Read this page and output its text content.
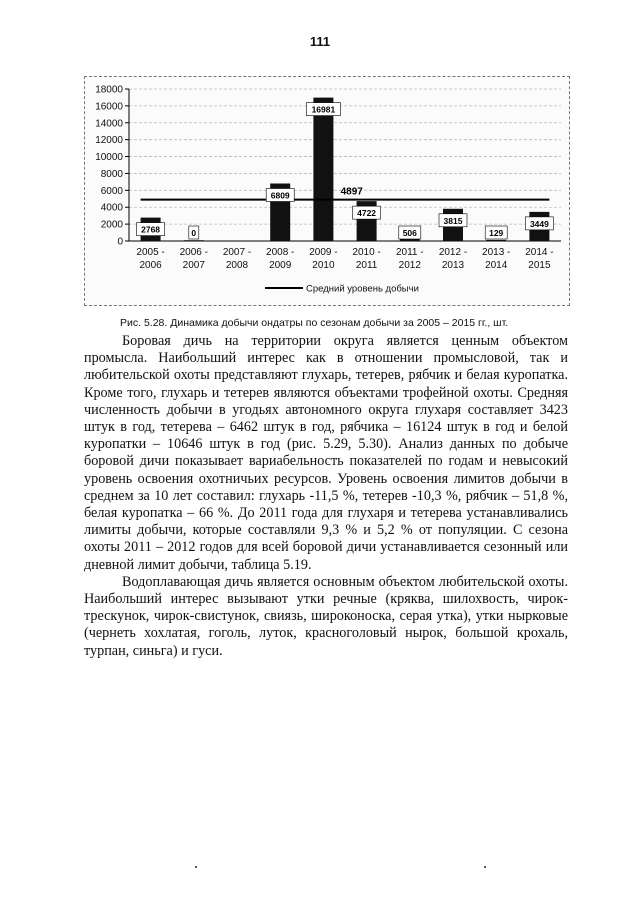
111
0
2000
4000
6000
8000
10000
12000
14000
16000
18000
4897
2768	0
6809
16981
4722
506
3815
129
3449
2005 -
2006
2006 -
2007
2007 -
2008
2008 -
2009
2009 -
2010
2010 -
2011
2011 -
2012
2012 -
2013
2013 -
2014
2014 -
2015
Средний уровень добычи
Рис. 5.28. Динамика добычи ондатры по сезонам добычи за 2005 – 2015 гг., шт.

Боровая дичь на территории округа является ценным объектом промысла. Наибольший интерес как в отношении промысловой, так и любительской охоты представляют глухарь, тетерев, рябчик и белая куропатка. Кроме того, глухарь и тетерев являются объектами трофейной охоты. Средняя численность добычи в угодьях автономного округа глухаря составляет 3423 штук в год, тетерева – 6462 штук в год, рябчика – 16124 штук в год и белой куропатки – 10646 штук в год (рис. 5.29, 5.30). Анализ данных по добыче боровой дичи показывает вариабельность показателей по годам и невысокий уровень освоения охотничьих ресурсов. Уровень освоения лимитов добычи в среднем за 10 лет составил: глухарь -11,5 %, тетерев -10,3 %, рябчик – 51,8 %, белая куропатка – 66 %. До 2011 года для глухаря и тетерева устанавливались лимиты добычи, которые составляли 9,3 % и 5,2 % от популяции. С сезона охоты 2011 – 2012 годов для всей боровой дичи устанавливается сезонный или дневной лимит добычи, таблица 5.19.

Водоплавающая дичь является основным объектом любительской охоты. Наибольший интерес вызывают утки речные (кряква, шилохвость, чирок-трескунок, чирок-свистунок, свиязь, широконоска, серая утка), утки нырковые (чернеть хохлатая, гоголь, луток, красноголовый нырок, большой крохаль, турпан, синьга) и гуси.
